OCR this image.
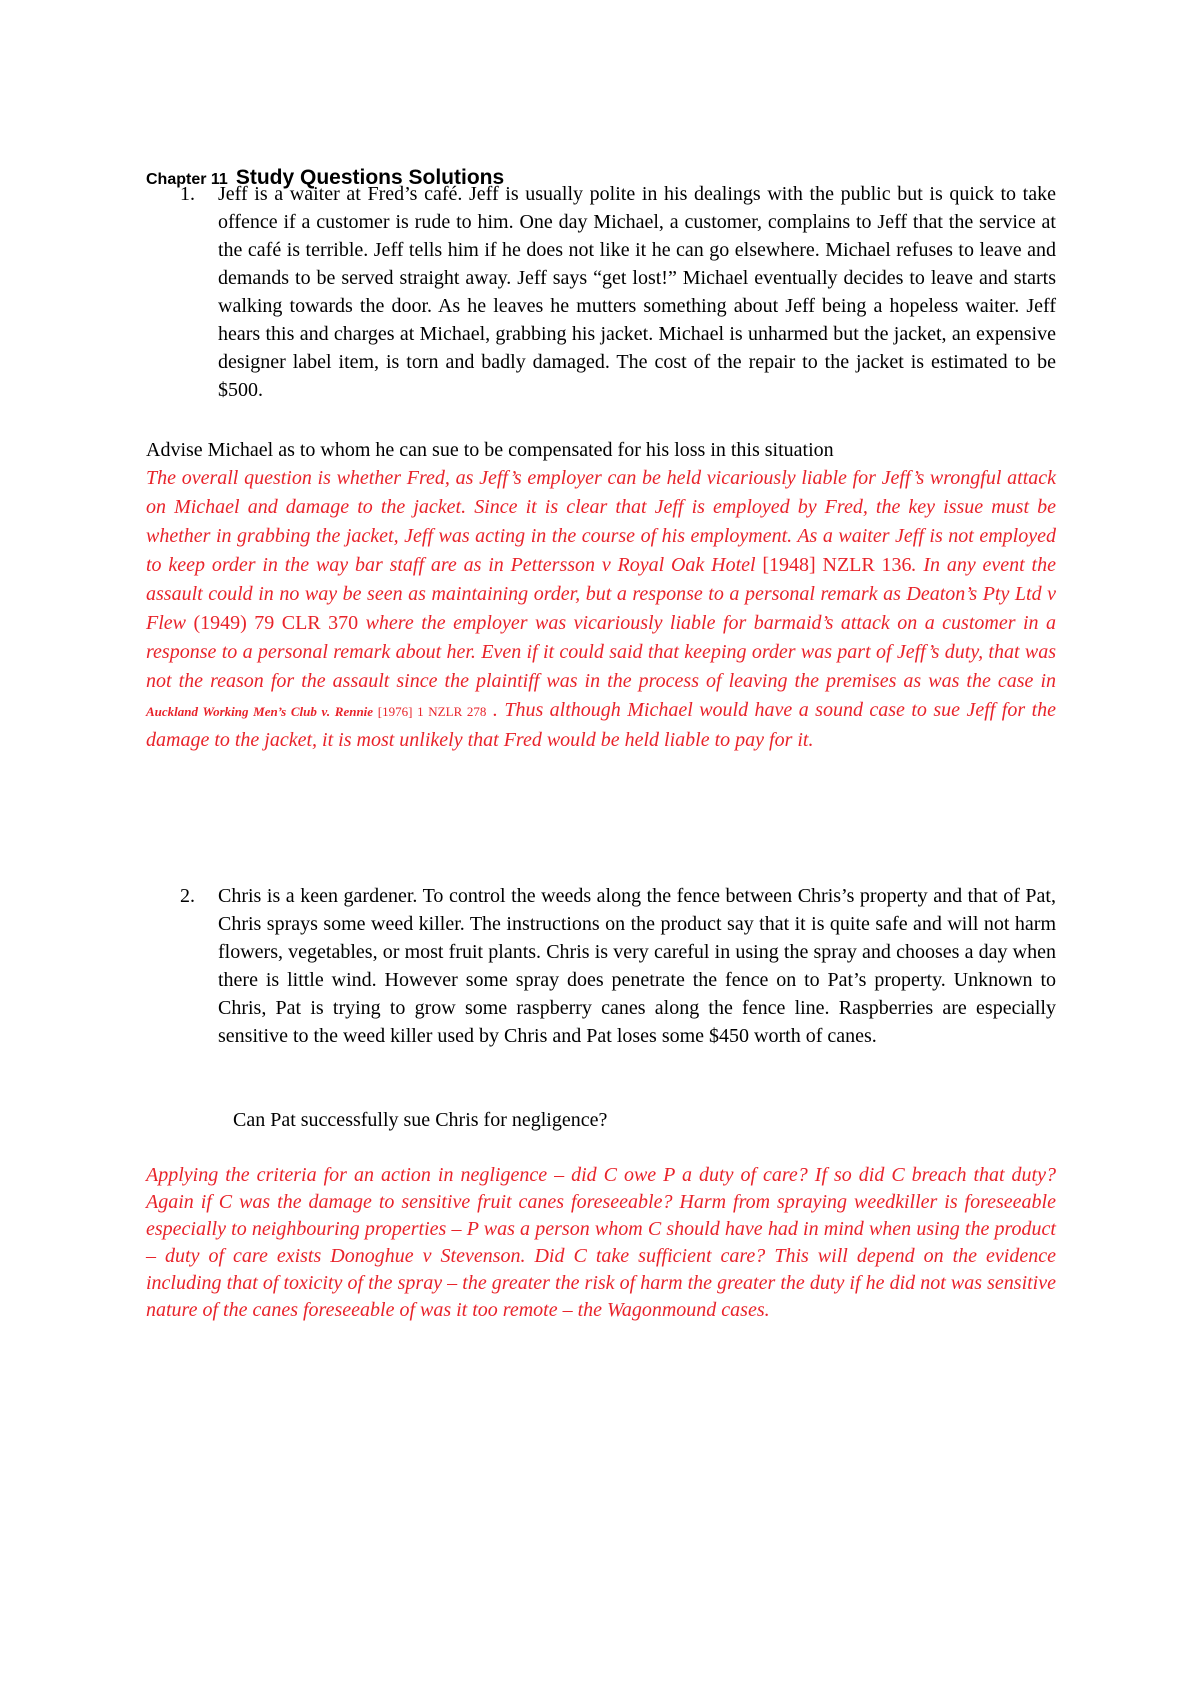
Chapter 11 Study Questions Solutions
1. Jeff is a waiter at Fred’s café. Jeff is usually polite in his dealings with the public but is quick to take offence if a customer is rude to him. One day Michael, a customer, complains to Jeff that the service at the café is terrible. Jeff tells him if he does not like it he can go elsewhere. Michael refuses to leave and demands to be served straight away. Jeff says “get lost!” Michael eventually decides to leave and starts walking towards the door. As he leaves he mutters something about Jeff being a hopeless waiter. Jeff hears this and charges at Michael, grabbing his jacket. Michael is unharmed but the jacket, an expensive designer label item, is torn and badly damaged. The cost of the repair to the jacket is estimated to be $500.
Advise Michael as to whom he can sue to be compensated for his loss in this situation
The overall question is whether Fred, as Jeff’s employer can be held vicariously liable for Jeff’s wrongful attack on Michael and damage to the jacket. Since it is clear that Jeff is employed by Fred, the key issue must be whether in grabbing the jacket, Jeff was acting in the course of his employment. As a waiter Jeff is not employed to keep order in the way bar staff are as in Pettersson v Royal Oak Hotel [1948] NZLR 136. In any event the assault could in no way be seen as maintaining order, but a response to a personal remark as Deaton’s Pty Ltd v Flew (1949) 79 CLR 370 where the employer was vicariously liable for barmaid’s attack on a customer in a response to a personal remark about her. Even if it could said that keeping order was part of Jeff’s duty, that was not the reason for the assault since the plaintiff was in the process of leaving the premises as was the case in Auckland Working Men’s Club v. Rennie [1976] 1 NZLR 278 . Thus although Michael would have a sound case to sue Jeff for the damage to the jacket, it is most unlikely that Fred would be held liable to pay for it.
2. Chris is a keen gardener. To control the weeds along the fence between Chris’s property and that of Pat, Chris sprays some weed killer. The instructions on the product say that it is quite safe and will not harm flowers, vegetables, or most fruit plants. Chris is very careful in using the spray and chooses a day when there is little wind. However some spray does penetrate the fence on to Pat’s property. Unknown to Chris, Pat is trying to grow some raspberry canes along the fence line. Raspberries are especially sensitive to the weed killer used by Chris and Pat loses some $450 worth of canes.
Can Pat successfully sue Chris for negligence?
Applying the criteria for an action in negligence – did C owe P a duty of care? If so did C breach that duty? Again if C was the damage to sensitive fruit canes foreseeable? Harm from spraying weedkiller is foreseeable especially to neighbouring properties – P was a person whom C should have had in mind when using the product – duty of care exists Donoghue v Stevenson. Did C take sufficient care? This will depend on the evidence including that of toxicity of the spray – the greater the risk of harm the greater the duty if he did not was sensitive nature of the canes foreseeable of was it too remote – the Wagonmound cases.
